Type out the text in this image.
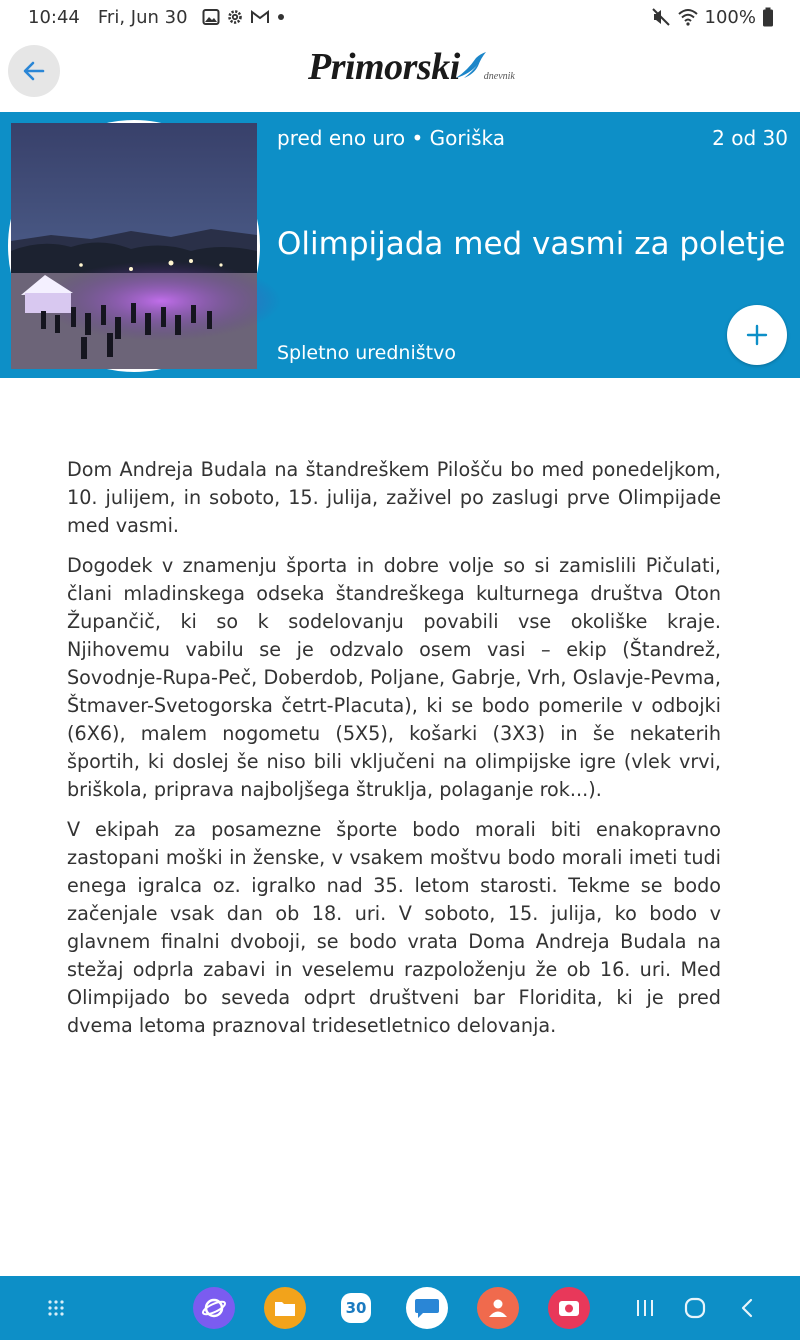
10:44 Fri, Jun 30	100%
Primorski dnevnik
pred eno uro • Goriška	2 od 30
Olimpijada med vasmi za poletje
Spletno uredništvo

Dom Andreja Budala na štandreškem Pilošču bo med ponedeljkom, 10. julijem, in soboto, 15. julija, zaživel po zaslugi prve Olimpijade med vasmi.

Dogodek v znamenju športa in dobre volje so si zamislili Pičulati, člani mladinskega odseka štandreškega kulturnega društva Oton Župančič, ki so k sodelovanju povabili vse okoliške kraje. Njihovemu vabilu se je odzvalo osem vasi – ekip (Štandrež, Sovodnje-Rupa-Peč, Doberdob, Poljane, Gabrje, Vrh, Oslavje-Pevma, Štmaver-Svetogorska četrt-Placuta), ki se bodo pomerile v odbojki (6X6), malem nogometu (5X5), košarki (3X3) in še nekaterih športih, ki doslej še niso bili vključeni na olimpijske igre (vlek vrvi, briškola, priprava najboljšega štruklja, polaganje rok...).

V ekipah za posamezne športe bodo morali biti enakopravno zastopani moški in ženske, v vsakem moštvu bodo morali imeti tudi enega igralca oz. igralko nad 35. letom starosti. Tekme se bodo začenjale vsak dan ob 18. uri. V soboto, 15. julija, ko bodo v glavnem finalni dvoboji, se bodo vrata Doma Andreja Budala na stežaj odprla zabavi in veselemu razpoloženju že ob 16. uri. Med Olimpijado bo seveda odprt društveni bar Floridita, ki je pred dvema letoma praznoval tridesetletnico delovanja.

30
